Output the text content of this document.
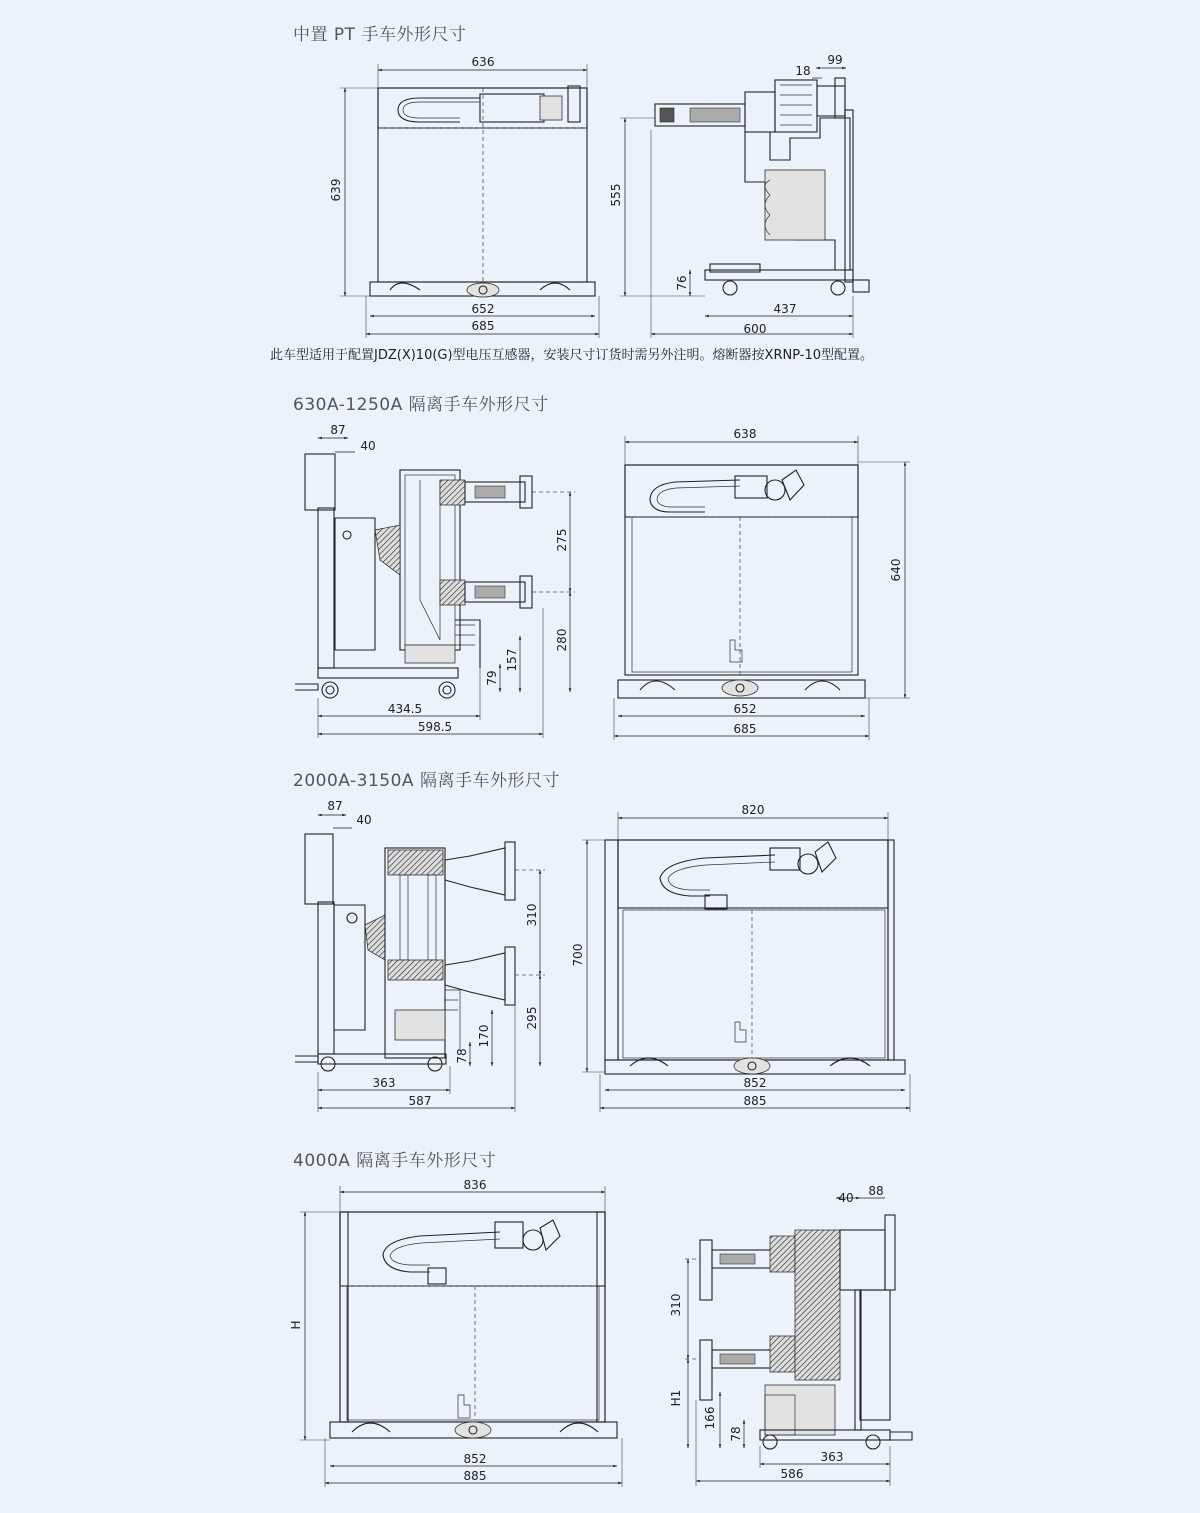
中置 PT 手车外形尺寸
此车型适用于配置JDZ(X)10(G)型电压互感器，安装尺寸订货时需另外注明。熔断器按XRNP-10型配置。
630A-1250A 隔离手车外形尺寸
2000A-3150A 隔离手车外形尺寸
4000A 隔离手车外形尺寸
636
639
652
685
99
18
555
76
437
600
87
40
275
280
157
79
434.5
598.5
638
640
652
685
87
40
310
295
170
78
363
587
820
700
852
885
836
H
852
885
40 88
310
H1
166
78
363
586
